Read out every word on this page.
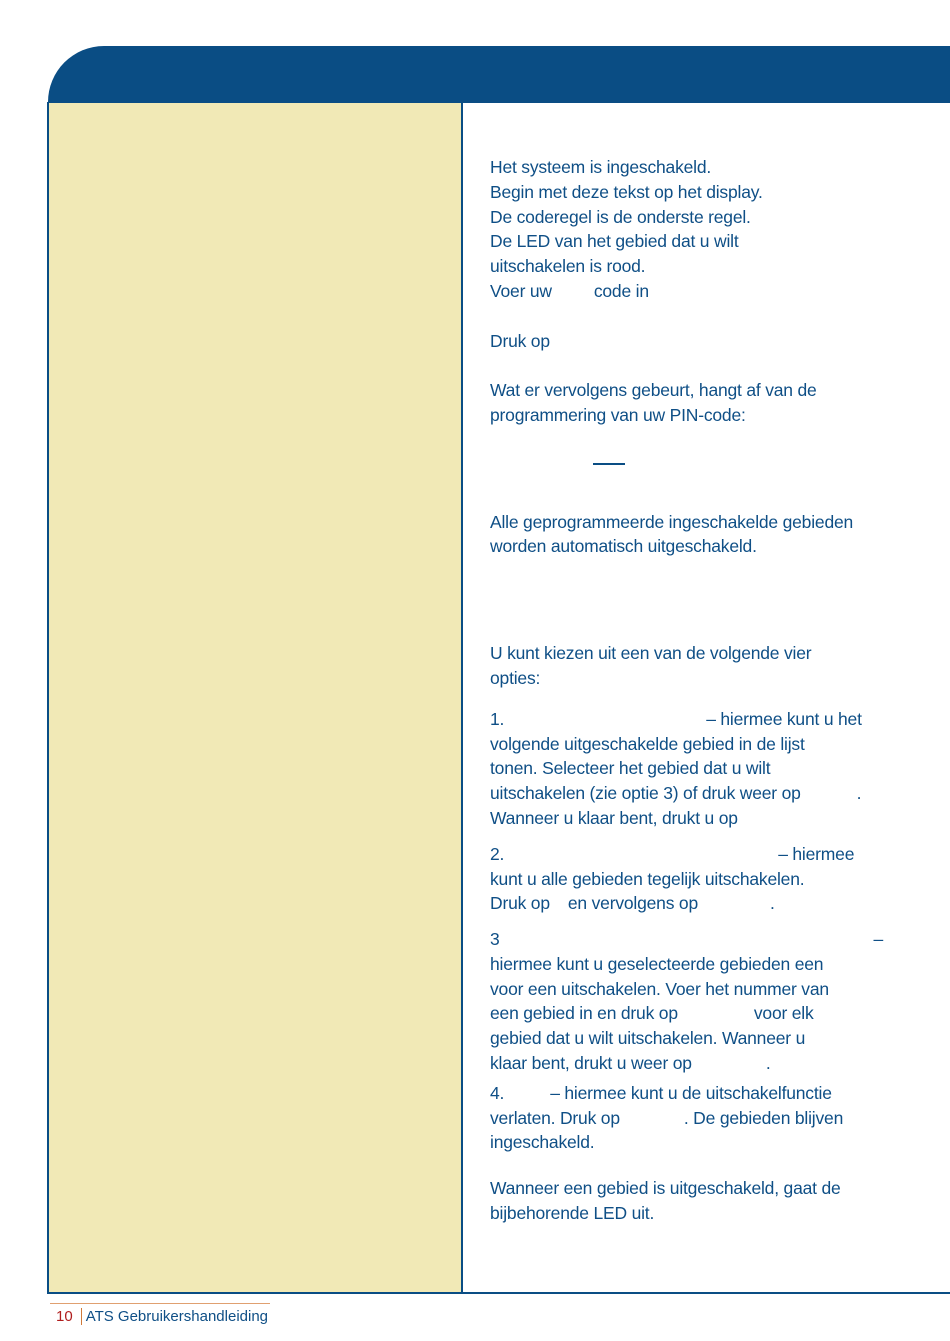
Het systeem is ingeschakeld.

Begin met deze tekst op het display.

De coderegel is de onderste regel.

De LED van het gebied dat u wilt

uitschakelen is rood.

Voer uw code in

Druk op

Wat er vervolgens gebeurt, hangt af van de

programmering van uw PIN-code:

Alle geprogrammeerde ingeschakelde gebieden

worden automatisch uitgeschakeld.

U kunt kiezen uit een van de volgende vier

opties:

1.	– hiermee kunt u het

volgende uitgeschakelde gebied in de lijst

tonen. Selecteer het gebied dat u wilt

uitschakelen (zie optie 3) of druk weer op	.

Wanneer u klaar bent, drukt u op

2.	– hiermee

kunt u alle gebieden tegelijk uitschakelen.

Druk op en vervolgens op	.

3	–

hiermee kunt u geselecteerde gebieden een

voor een uitschakelen. Voer het nummer van

een gebied in en druk op	voor elk

gebied dat u wilt uitschakelen. Wanneer u

klaar bent, drukt u weer op	.

4.	– hiermee kunt u de uitschakelfunctie

verlaten. Druk op	. De gebieden blijven

ingeschakeld.

Wanneer een gebied is uitgeschakeld, gaat de

bijbehorende LED uit.

10 ATS Gebruikershandleiding
